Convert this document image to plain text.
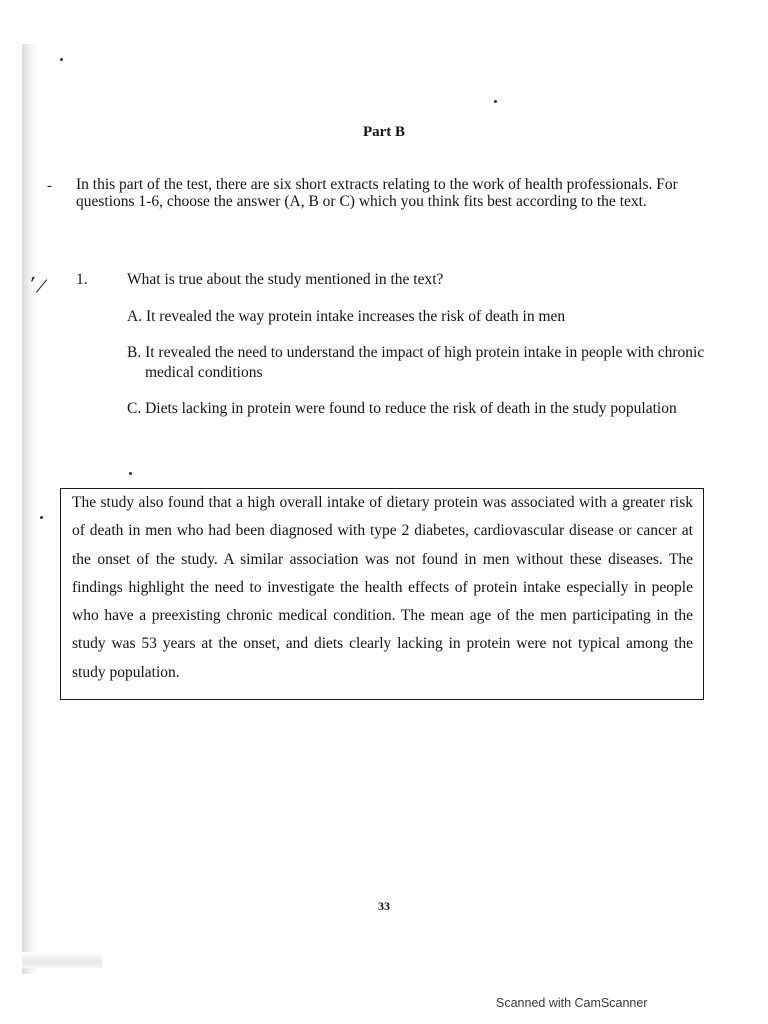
Part B
- In this part of the test, there are six short extracts relating to the work of health professionals. For questions 1-6, choose the answer (A, B or C) which you think fits best according to the text.

' / 1.	What is true about the study mentioned in the text?

A. It revealed the way protein intake increases the risk of death in men

B. It revealed the need to understand the impact of high protein intake in people with chronic medical conditions

C. Diets lacking in protein were found to reduce the risk of death in the study population

The study also found that a high overall intake of dietary protein was associated with a greater risk of death in men who had been diagnosed with type 2 diabetes, cardiovascular disease or cancer at the onset of the study. A similar association was not found in men without these diseases. The findings highlight the need to investigate the health effects of protein intake especially in people who have a preexisting chronic medical condition. The mean age of the men participating in the study was 53 years at the onset, and diets clearly lacking in protein were not typical among the study population.

33
Scanned with CamScanner
